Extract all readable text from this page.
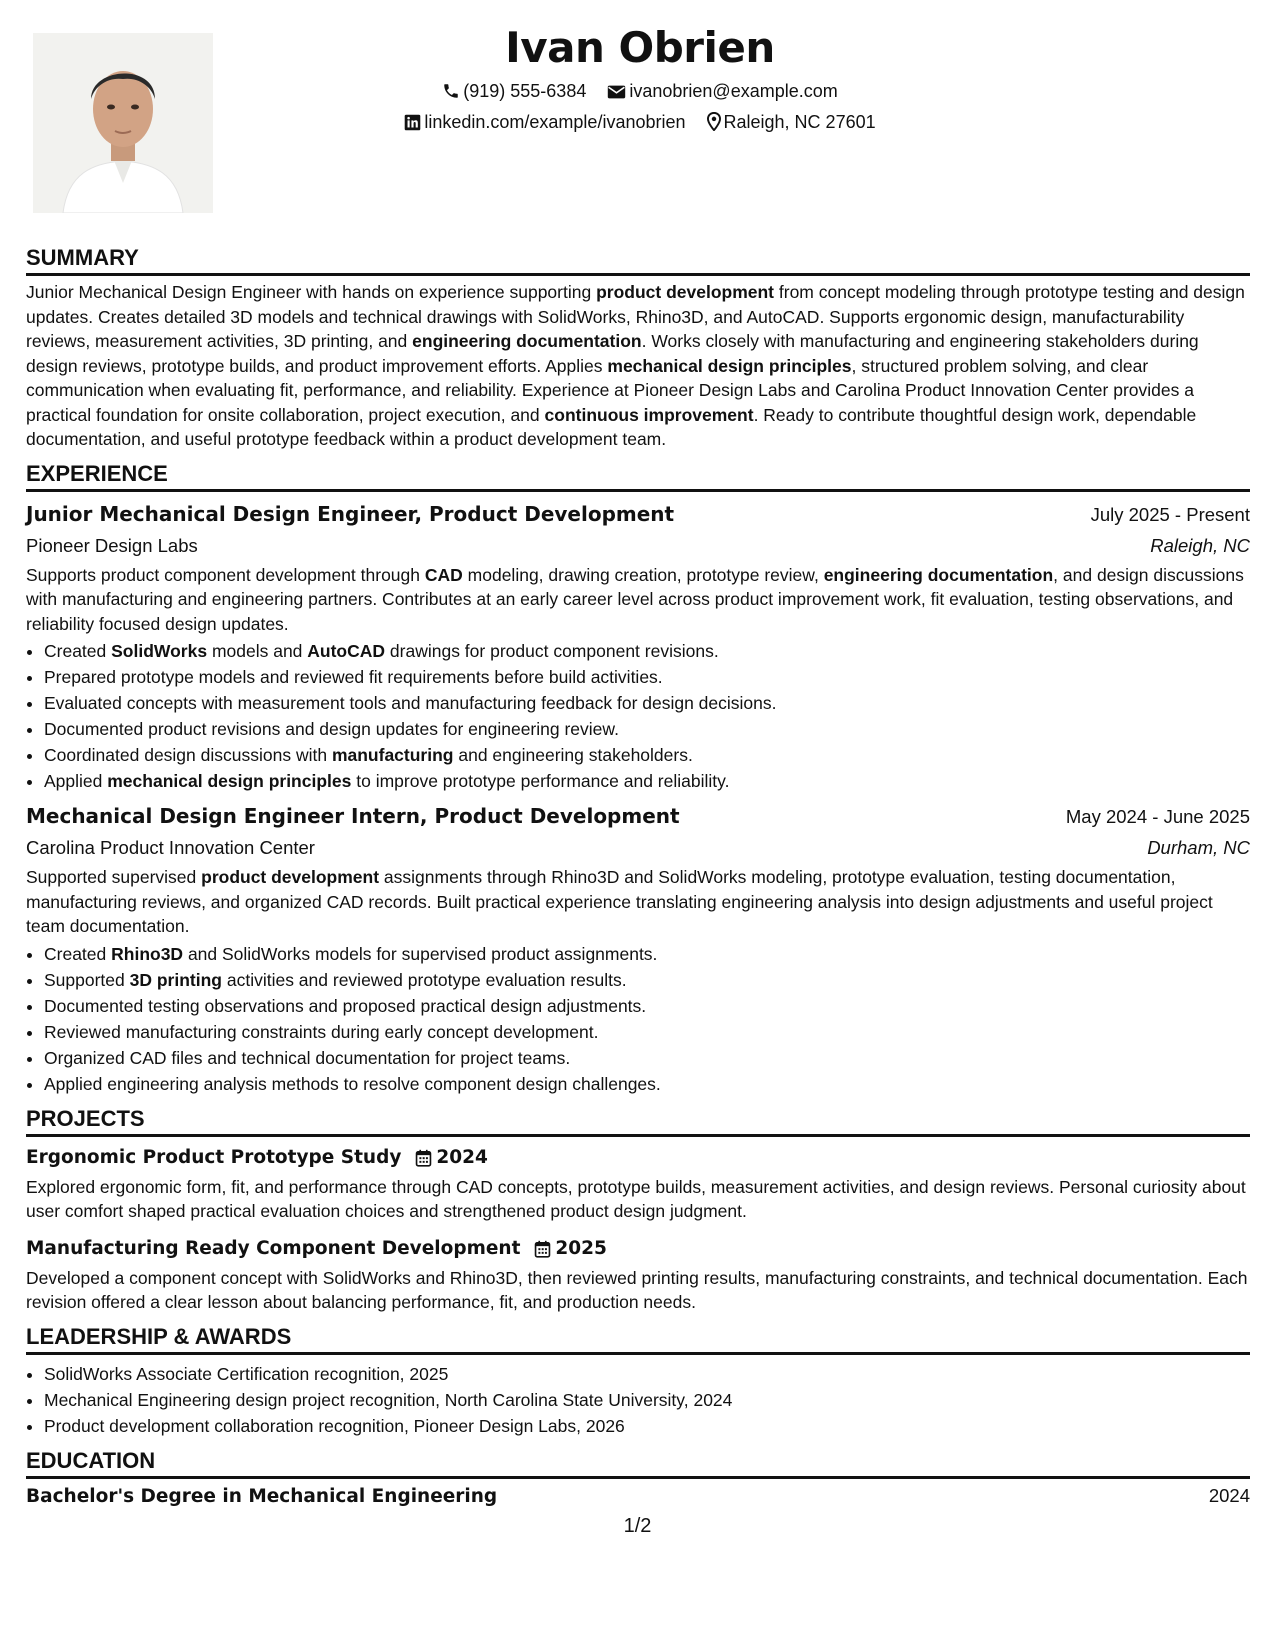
Ivan Obrien

(919) 555-6384 ivanobrien@example.com

linkedin.com/example/ivanobrien Raleigh, NC 27601

SUMMARY

Junior Mechanical Design Engineer with hands on experience supporting product development from concept modeling through prototype testing and design updates. Creates detailed 3D models and technical drawings with SolidWorks, Rhino3D, and AutoCAD. Supports ergonomic design, manufacturability reviews, measurement activities, 3D printing, and engineering documentation. Works closely with manufacturing and engineering stakeholders during design reviews, prototype builds, and product improvement efforts. Applies mechanical design principles, structured problem solving, and clear communication when evaluating fit, performance, and reliability. Experience at Pioneer Design Labs and Carolina Product Innovation Center provides a practical foundation for onsite collaboration, project execution, and continuous improvement. Ready to contribute thoughtful design work, dependable documentation, and useful prototype feedback within a product development team.

EXPERIENCE
Junior Mechanical Design Engineer, Product Development	July 2025 - Present
Pioneer Design Labs	Raleigh, NC

Supports product component development through CAD modeling, drawing creation, prototype review, engineering documentation, and design discussions with manufacturing and engineering partners. Contributes at an early career level across product improvement work, fit evaluation, testing observations, and reliability focused design updates.

• Created SolidWorks models and AutoCAD drawings for product component revisions.
• Prepared prototype models and reviewed fit requirements before build activities.
• Evaluated concepts with measurement tools and manufacturing feedback for design decisions.
• Documented product revisions and design updates for engineering review.
• Coordinated design discussions with manufacturing and engineering stakeholders.
• Applied mechanical design principles to improve prototype performance and reliability.
Mechanical Design Engineer Intern, Product Development	May 2024 - June 2025
Carolina Product Innovation Center	Durham, NC

Supported supervised product development assignments through Rhino3D and SolidWorks modeling, prototype evaluation, testing documentation, manufacturing reviews, and organized CAD records. Built practical experience translating engineering analysis into design adjustments and useful project team documentation.

• Created Rhino3D and SolidWorks models for supervised product assignments.
• Supported 3D printing activities and reviewed prototype evaluation results.
• Documented testing observations and proposed practical design adjustments.
• Reviewed manufacturing constraints during early concept development.
• Organized CAD files and technical documentation for project teams.
• Applied engineering analysis methods to resolve component design challenges.
PROJECTS
Ergonomic Product Prototype Study 2024

Explored ergonomic form, fit, and performance through CAD concepts, prototype builds, measurement activities, and design reviews. Personal curiosity about user comfort shaped practical evaluation choices and strengthened product design judgment.

Manufacturing Ready Component Development 2025

Developed a component concept with SolidWorks and Rhino3D, then reviewed printing results, manufacturing constraints, and technical documentation. Each revision offered a clear lesson about balancing performance, fit, and production needs.

LEADERSHIP & AWARDS
• SolidWorks Associate Certification recognition, 2025
• Mechanical Engineering design project recognition, North Carolina State University, 2024
• Product development collaboration recognition, Pioneer Design Labs, 2026
EDUCATION
Bachelor's Degree in Mechanical Engineering	2024
1/2
